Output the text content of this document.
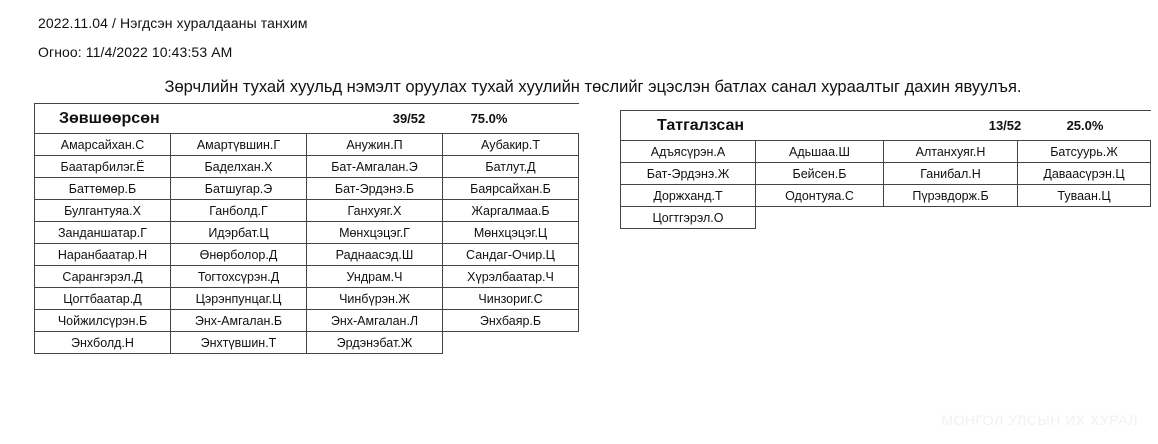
2022.11.04 / Нэгдсэн хуралдааны танхим
Огноо: 11/4/2022 10:43:53 AM
Зөрчлийн тухай хуульд нэмэлт оруулах тухай хуулийн төслийг эцэслэн батлах санал хураалтыг дахин явуулъя.
Зөвшөөрсөн 39/52 75.0%			

Амарсайхан.С	Амартүвшин.Г	Анужин.П	Аубакир.Т
Баатарбилэг.Ё	Баделхан.Х	Бат-Амгалан.Э	Батлут.Д
Баттөмөр.Б	Батшугар.Э	Бат-Эрдэнэ.Б	Баярсайхан.Б
Булгантуяа.Х	Ганболд.Г	Ганхуяг.Х	Жаргалмаа.Б
Занданшатар.Г	Идэрбат.Ц	Мөнхцэцэг.Г	Мөнхцэцэг.Ц
Наранбаатар.Н	Өнөрболор.Д	Раднаасэд.Ш	Сандаг-Очир.Ц
Сарангэрэл.Д	Тогтохсүрэн.Д	Ундрам.Ч	Хүрэлбаатар.Ч
Цогтбаатар.Д	Цэрэнпунцаг.Ц	Чинбүрэн.Ж	Чинзориг.С
Чойжилсүрэн.Б	Энх-Амгалан.Б	Энх-Амгалан.Л	Энхбаяр.Б
Энхболд.Н	Энхтүвшин.Т	Эрдэнэбат.Ж	
Татгалзсан 13/52 25.0%			

Адъясүрэн.А	Адьшаа.Ш	Алтанхуяг.Н	Батсуурь.Ж
Бат-Эрдэнэ.Ж	Бейсен.Б	Ганибал.Н	Даваасүрэн.Ц
Доржханд.Т	Одонтуяа.С	Пүрэвдорж.Б	Туваан.Ц
Цогтгэрэл.О			
МОНГОЛ УЛСЫН ИХ ХУРАЛ
